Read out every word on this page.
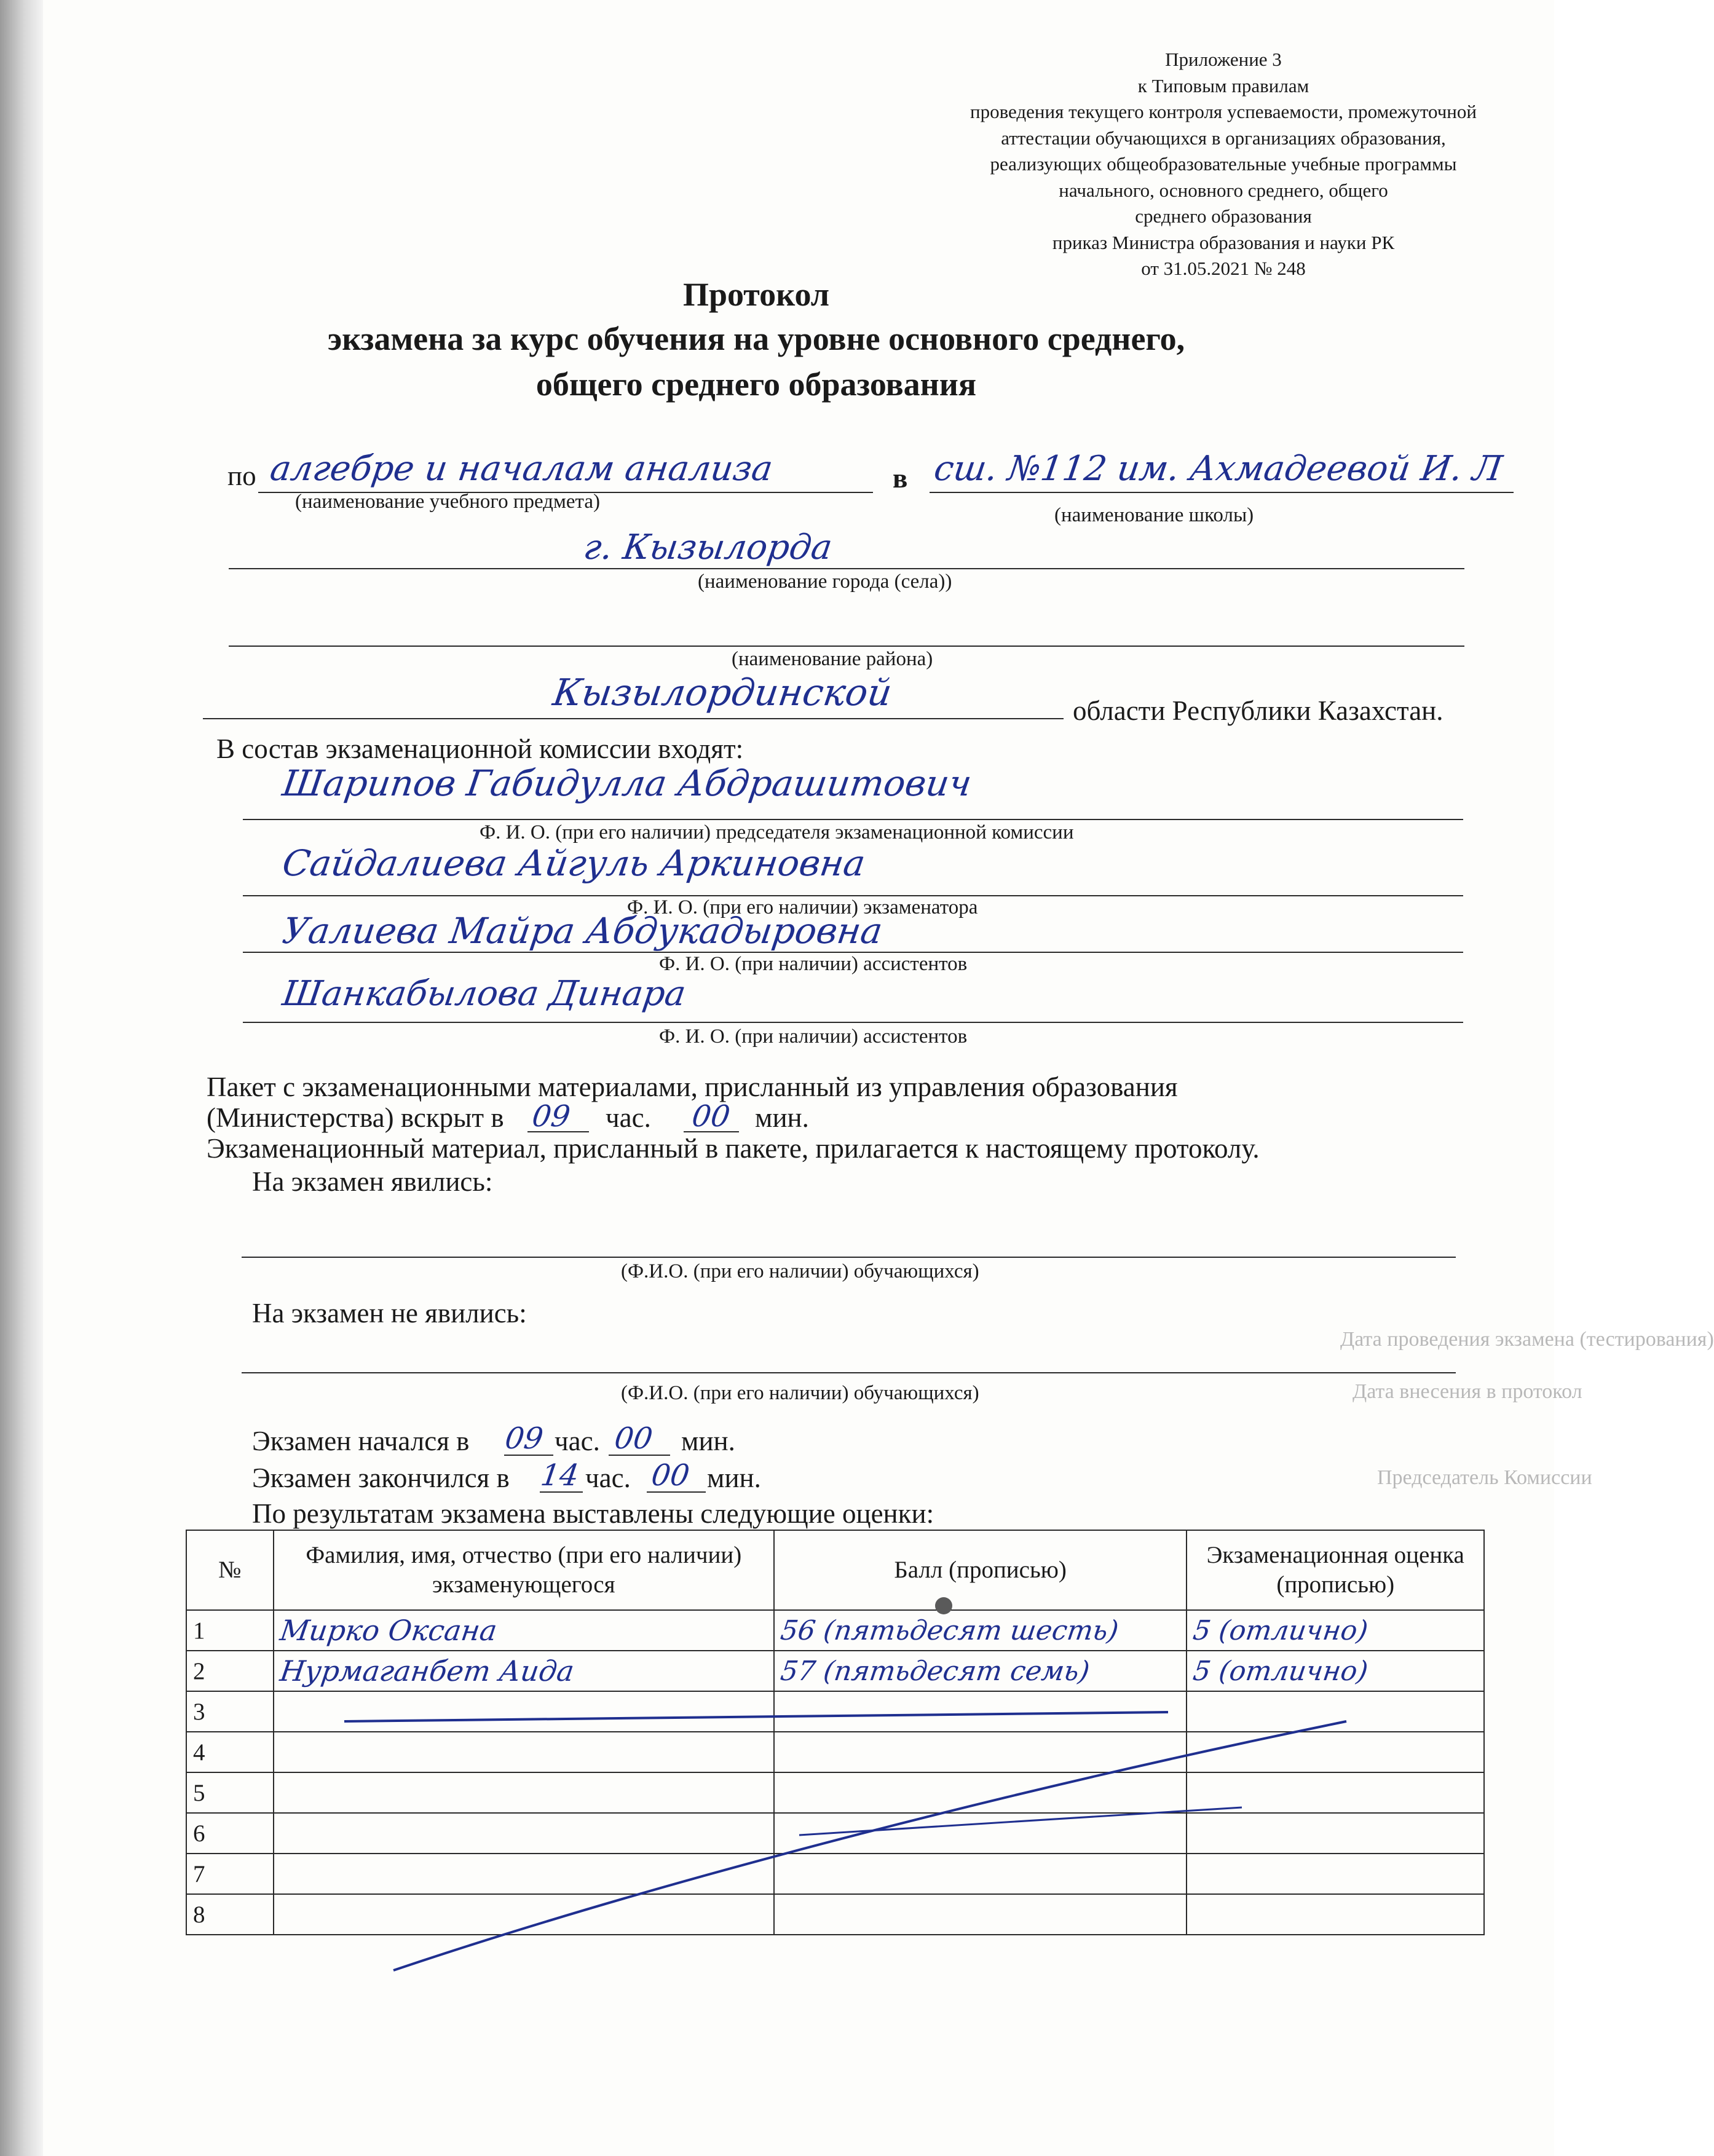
Дата проведения экзамена (тестирования)
Дата внесения в протокол
Председатель Комиссии
Приложение 3
к Типовым правилам
проведения текущего контроля успеваемости, промежуточной
аттестации обучающихся в организациях образования,
реализующих общеобразовательные учебные программы
начального, основного среднего, общего
среднего образования
приказ Министра образования и науки РК
от 31.05.2021 № 248
Протокол
экзамена за курс обучения на уровне основного среднего,
общего среднего образования
по алгебре и началам анализа	в сш. №112 им. Ахмадеевой И. Л
(наименование учебного предмета)
(наименование школы)
г. Кызылорда
(наименование города (села))
(наименование района)
Кызылординской	области Республики Казахстан.
В состав экзаменационной комиссии входят:
Шарипов Габидулла Абдрашитович
Ф. И. О. (при его наличии) председателя экзаменационной комиссии
Сайдалиева Айгуль Аркиновна
Ф. И. О. (при его наличии) экзаменатора
Уалиева Майра Абдукадыровна
Ф. И. О. (при наличии) ассистентов
Шанкабылова Динара
Ф. И. О. (при наличии) ассистентов
Пакет с экзаменационными материалами, присланный из управления образования
(Министерства) вскрыт в 09 час. 00 мин.
Экзаменационный материал, присланный в пакете, прилагается к настоящему протоколу.
На экзамен явились:
(Ф.И.О. (при его наличии) обучающихся)
На экзамен не явились:
(Ф.И.О. (при его наличии) обучающихся)
Экзамен начался в 09 час. 00 мин.
Экзамен закончился в 14 час. 00 мин.
По результатам экзамена выставлены следующие оценки:
№	Фамилия, имя, отчество (при его наличии) экзаменующегося	Балл (прописью)	Экзаменационная оценка (прописью)
1	Мирко Оксана	56 (пятьдесят шесть)	5 (отлично)
2	Нурмаганбет Аида	57 (пятьдесят семь)	5 (отлично)
3			
4			
5			
6			
7			
8			
